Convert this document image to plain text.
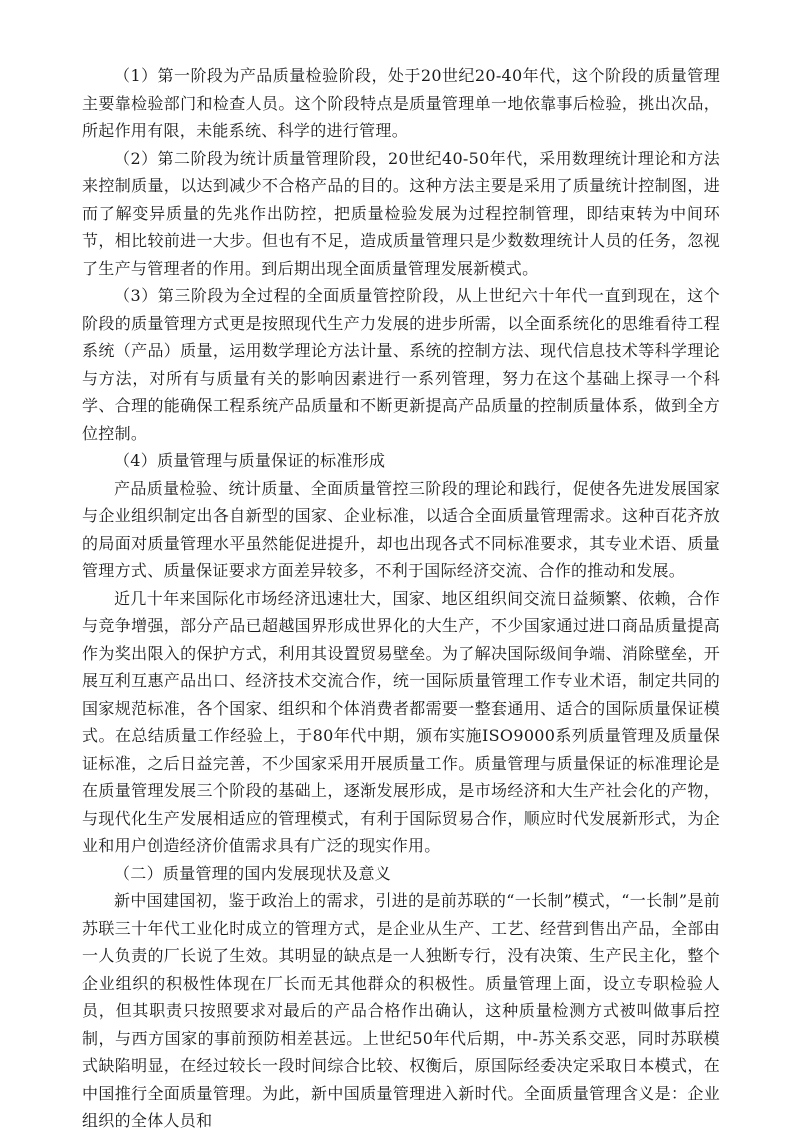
（1）第一阶段为产品质量检验阶段，处于20世纪20-40年代，这个阶段的质量管理主要靠检验部门和检查人员。这个阶段特点是质量管理单一地依靠事后检验，挑出次品，所起作用有限，未能系统、科学的进行管理。

（2）第二阶段为统计质量管理阶段，20世纪40-50年代，采用数理统计理论和方法来控制质量，以达到减少不合格产品的目的。这种方法主要是采用了质量统计控制图，进而了解变异质量的先兆作出防控，把质量检验发展为过程控制管理，即结束转为中间环节，相比较前进一大步。但也有不足，造成质量管理只是少数数理统计人员的任务，忽视了生产与管理者的作用。到后期出现全面质量管理发展新模式。

（3）第三阶段为全过程的全面质量管控阶段，从上世纪六十年代一直到现在，这个阶段的质量管理方式更是按照现代生产力发展的进步所需，以全面系统化的思维看待工程系统（产品）质量，运用数学理论方法计量、系统的控制方法、现代信息技术等科学理论与方法，对所有与质量有关的影响因素进行一系列管理，努力在这个基础上探寻一个科学、合理的能确保工程系统产品质量和不断更新提高产品质量的控制质量体系，做到全方位控制。

（4）质量管理与质量保证的标准形成

产品质量检验、统计质量、全面质量管控三阶段的理论和践行，促使各先进发展国家与企业组织制定出各自新型的国家、企业标准，以适合全面质量管理需求。这种百花齐放的局面对质量管理水平虽然能促进提升，却也出现各式不同标准要求，其专业术语、质量管理方式、质量保证要求方面差异较多，不利于国际经济交流、合作的推动和发展。

近几十年来国际化市场经济迅速壮大，国家、地区组织间交流日益频繁、依赖，合作与竞争增强，部分产品已超越国界形成世界化的大生产，不少国家通过进口商品质量提高作为奖出限入的保护方式，利用其设置贸易壁垒。为了解决国际级间争端、消除壁垒，开展互利互惠产品出口、经济技术交流合作，统一国际质量管理工作专业术语，制定共同的国家规范标准，各个国家、组织和个体消费者都需要一整套通用、适合的国际质量保证模式。在总结质量工作经验上，于80年代中期，颁布实施ISO9000系列质量管理及质量保证标准，之后日益完善，不少国家采用开展质量工作。质量管理与质量保证的标准理论是在质量管理发展三个阶段的基础上，逐渐发展形成，是市场经济和大生产社会化的产物，与现代化生产发展相适应的管理模式，有利于国际贸易合作，顺应时代发展新形式，为企业和用户创造经济价值需求具有广泛的现实作用。

（二）质量管理的国内发展现状及意义

新中国建国初，鉴于政治上的需求，引进的是前苏联的“一长制”模式，“一长制”是前苏联三十年代工业化时成立的管理方式，是企业从生产、工艺、经营到售出产品，全部由一人负责的厂长说了生效。其明显的缺点是一人独断专行，没有决策、生产民主化，整个企业组织的积极性体现在厂长而无其他群众的积极性。质量管理上面，设立专职检验人员，但其职责只按照要求对最后的产品合格作出确认，这种质量检测方式被叫做事后控制，与西方国家的事前预防相差甚远。上世纪50年代后期，中-苏关系交恶，同时苏联模式缺陷明显，在经过较长一段时间综合比较、权衡后，原国际经委决定采取日本模式，在中国推行全面质量管理。为此，新中国质量管理进入新时代。全面质量管理含义是：企业组织的全体人员和
